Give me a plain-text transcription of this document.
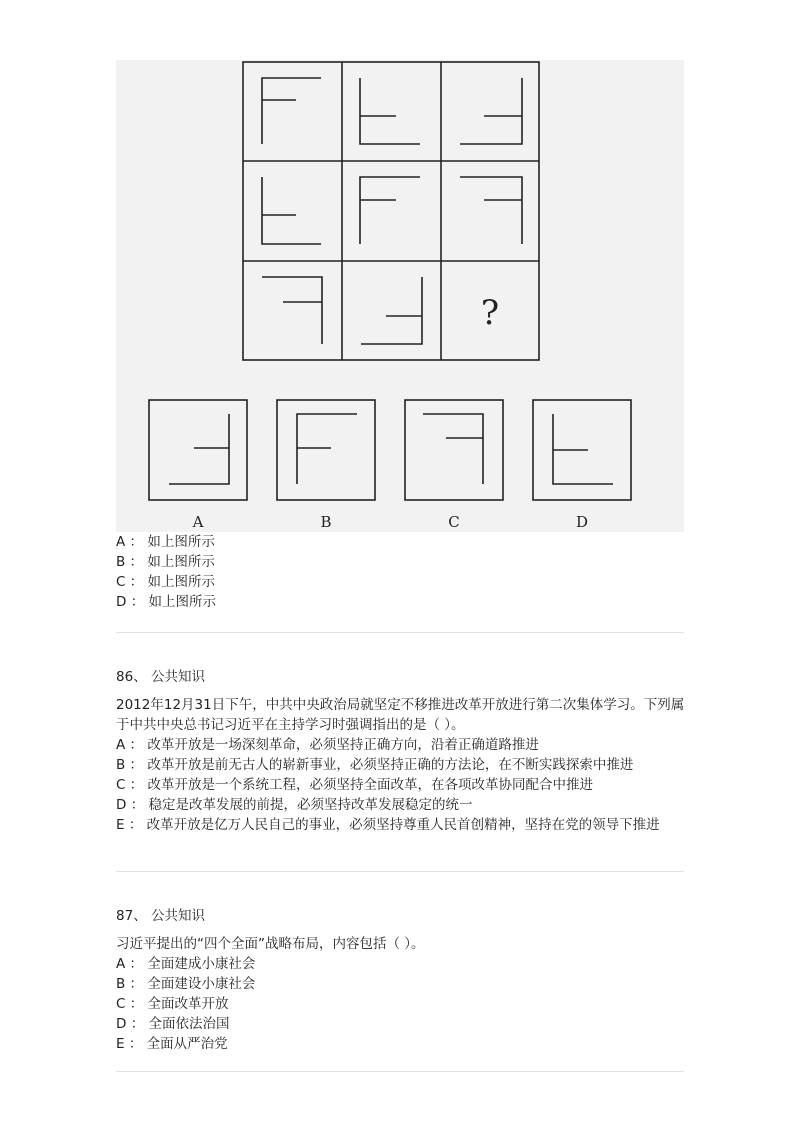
?
A	B	C	D
A ： 如上图所示
B ： 如上图所示
C ： 如上图所示
D ： 如上图所示
86、 公共知识
2012年12月31日下午，中共中央政治局就坚定不移推进改革开放进行第二次集体学习。下列属于中共中央总书记习近平在主持学习时强调指出的是（ ）。
A ： 改革开放是一场深刻革命，必须坚持正确方向，沿着正确道路推进
B ： 改革开放是前无古人的崭新事业，必须坚持正确的方法论，在不断实践探索中推进
C ： 改革开放是一个系统工程，必须坚持全面改革，在各项改革协同配合中推进
D ： 稳定是改革发展的前提，必须坚持改革发展稳定的统一
E ： 改革开放是亿万人民自己的事业，必须坚持尊重人民首创精神，坚持在党的领导下推进
87、 公共知识
习近平提出的“四个全面”战略布局，内容包括（ ）。
A ： 全面建成小康社会
B ： 全面建设小康社会
C ： 全面改革开放
D ： 全面依法治国
E ： 全面从严治党
